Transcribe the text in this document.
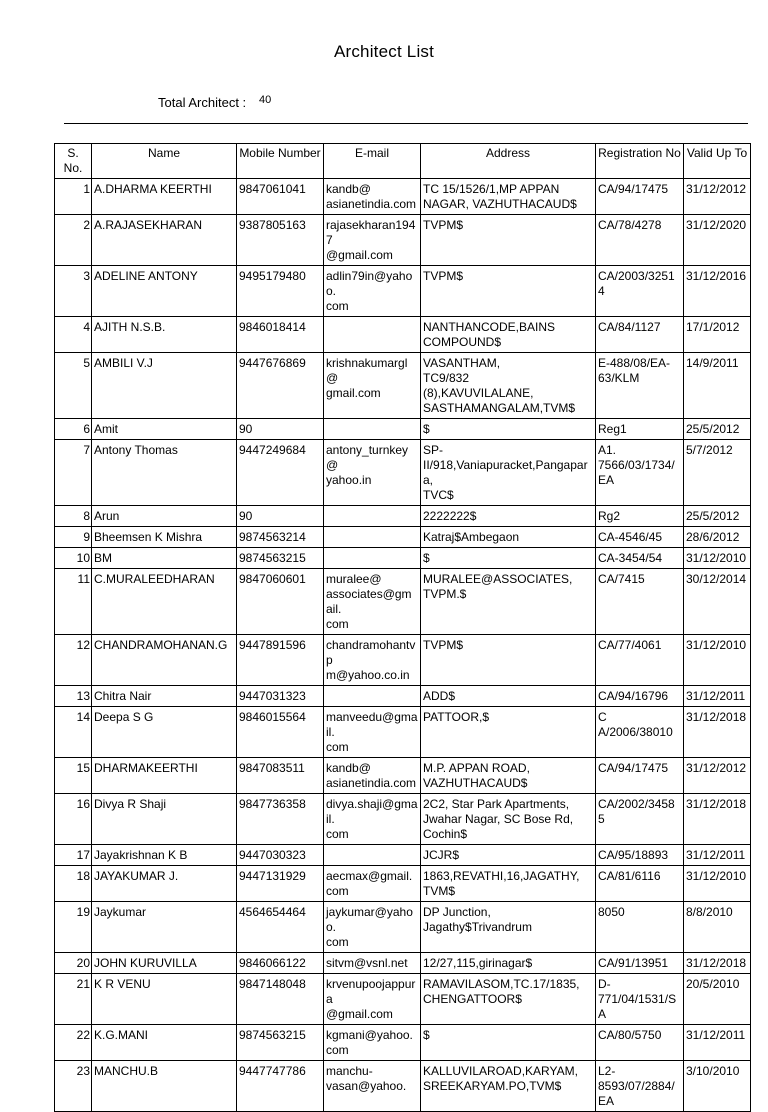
Architect List
Total Architect : 40
S. No.	Name	Mobile Number	E-mail	Address	Registration No	Valid Up To
1	A.DHARMA KEERTHI	9847061041	kandb@
asianetindia.com	TC 15/1526/1,MP APPAN NAGAR, VAZHUTHACAUD$	CA/94/17475	31/12/2012
2	A.RAJASEKHARAN	9387805163	rajasekharan1947
@gmail.com	TVPM$	CA/78/4278	31/12/2020
3	ADELINE ANTONY	9495179480	adlin79in@yahoo.
com	TVPM$	CA/2003/32514	31/12/2016
4	AJITH N.S.B.	9846018414		NANTHANCODE,BAINS COMPOUND$	CA/84/1127	17/1/2012
5	AMBILI V.J	9447676869	krishnakumargl@
gmail.com	VASANTHAM,
TC9/832
(8),KAVUVILALANE,
SASTHAMANGALAM,TVM$	E-488/08/EA-
63/KLM	14/9/2011
6	Amit	90		$	Reg1	25/5/2012
7	Antony Thomas	9447249684	antony_turnkey@
yahoo.in	SP-
II/918,Vaniapuracket,Pangapara,
TVC$	A1.
7566/03/1734/EA	5/7/2012
8	Arun	90		2222222$	Rg2	25/5/2012
9	Bheemsen K Mishra	9874563214		Katraj$Ambegaon	CA-4546/45	28/6/2012
10	BM	9874563215		$	CA-3454/54	31/12/2010
11	C.MURALEEDHARAN	9847060601	muralee@
associates@gmail.
com	MURALEE@ASSOCIATES,
TVPM.$	CA/7415	30/12/2014
12	CHANDRAMOHANAN.G	9447891596	chandramohantvp
m@yahoo.co.in	TVPM$	CA/77/4061	31/12/2010
13	Chitra Nair	9447031323		ADD$	CA/94/16796	31/12/2011
14	Deepa S G	9846015564	manveedu@gmail.
com	PATTOOR,$	C A/2006/38010	31/12/2018
15	DHARMAKEERTHI	9847083511	kandb@
asianetindia.com	M.P. APPAN ROAD,
VAZHUTHACAUD$	CA/94/17475	31/12/2012
16	Divya R Shaji	9847736358	divya.shaji@gmail.
com	2C2, Star Park Apartments, Jwahar Nagar, SC Bose Rd, Cochin$	CA/2002/34585	31/12/2018
17	Jayakrishnan K B	9447030323		JCJR$	CA/95/18893	31/12/2011
18	JAYAKUMAR J.	9447131929	aecmax@gmail.
com	1863,REVATHI,16,JAGATHY,
TVM$	CA/81/6116	31/12/2010
19	Jaykumar	4564654464	jaykumar@yahoo.
com	DP Junction, Jagathy$Trivandrum	8050	8/8/2010
20	JOHN KURUVILLA	9846066122	sitvm@vsnl.net	12/27,115,girinagar$	CA/91/13951	31/12/2018
21	K R VENU	9847148048	krvenupoojappura
@gmail.com	RAMAVILASOM,TC.17/1835,
CHENGATTOOR$	D-
771/04/1531/SA	20/5/2010
22	K.G.MANI	9874563215	kgmani@yahoo.
com	$	CA/80/5750	31/12/2011
23	MANCHU.B	9447747786	manchu-
vasan@yahoo.	KALLUVILAROAD,KARYAM,
SREEKARYAM.PO,TVM$	L2-
8593/07/2884/EA	3/10/2010
